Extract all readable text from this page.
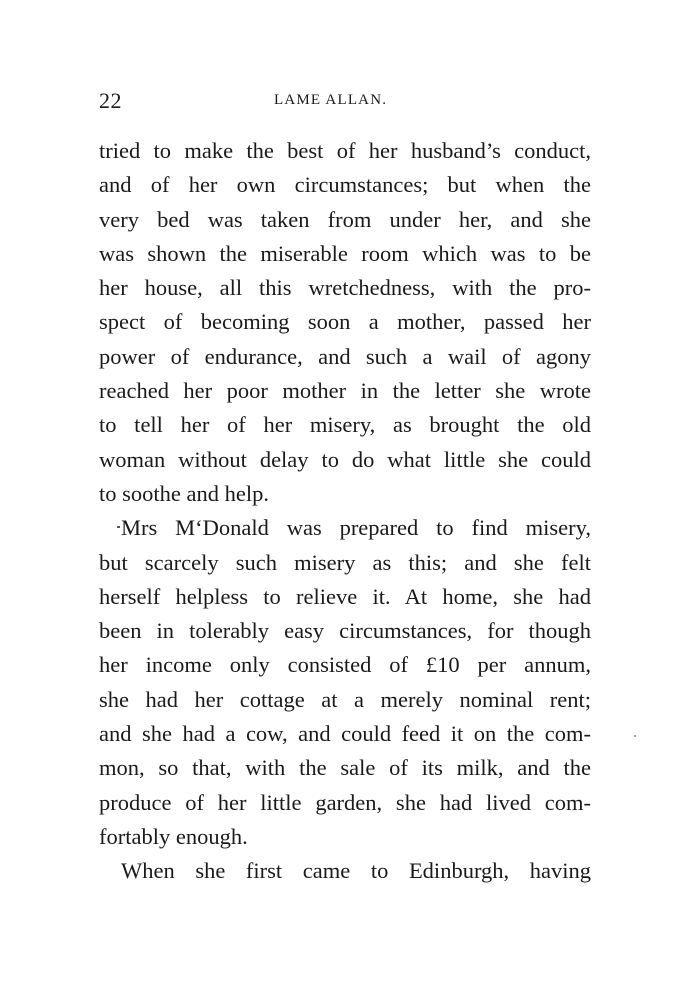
22	LAME ALLAN.
tried to make the best of her husband’s conduct,
and of her own circumstances; but when the
very bed was taken from under her, and she
was shown the miserable room which was to be
her house, all this wretchedness, with the pro-
spect of becoming soon a mother, passed her
power of endurance, and such a wail of agony
reached her poor mother in the letter she wrote
to tell her of her misery, as brought the old
woman without delay to do what little she could
to soothe and help.
Mrs MʻDonald was prepared to find misery,
but scarcely such misery as this; and she felt
herself helpless to relieve it. At home, she had
been in tolerably easy circumstances, for though
her income only consisted of £10 per annum,
she had her cottage at a merely nominal rent;
and she had a cow, and could feed it on the com-
mon, so that, with the sale of its milk, and the
produce of her little garden, she had lived com-
fortably enough.
When she first came to Edinburgh, having
